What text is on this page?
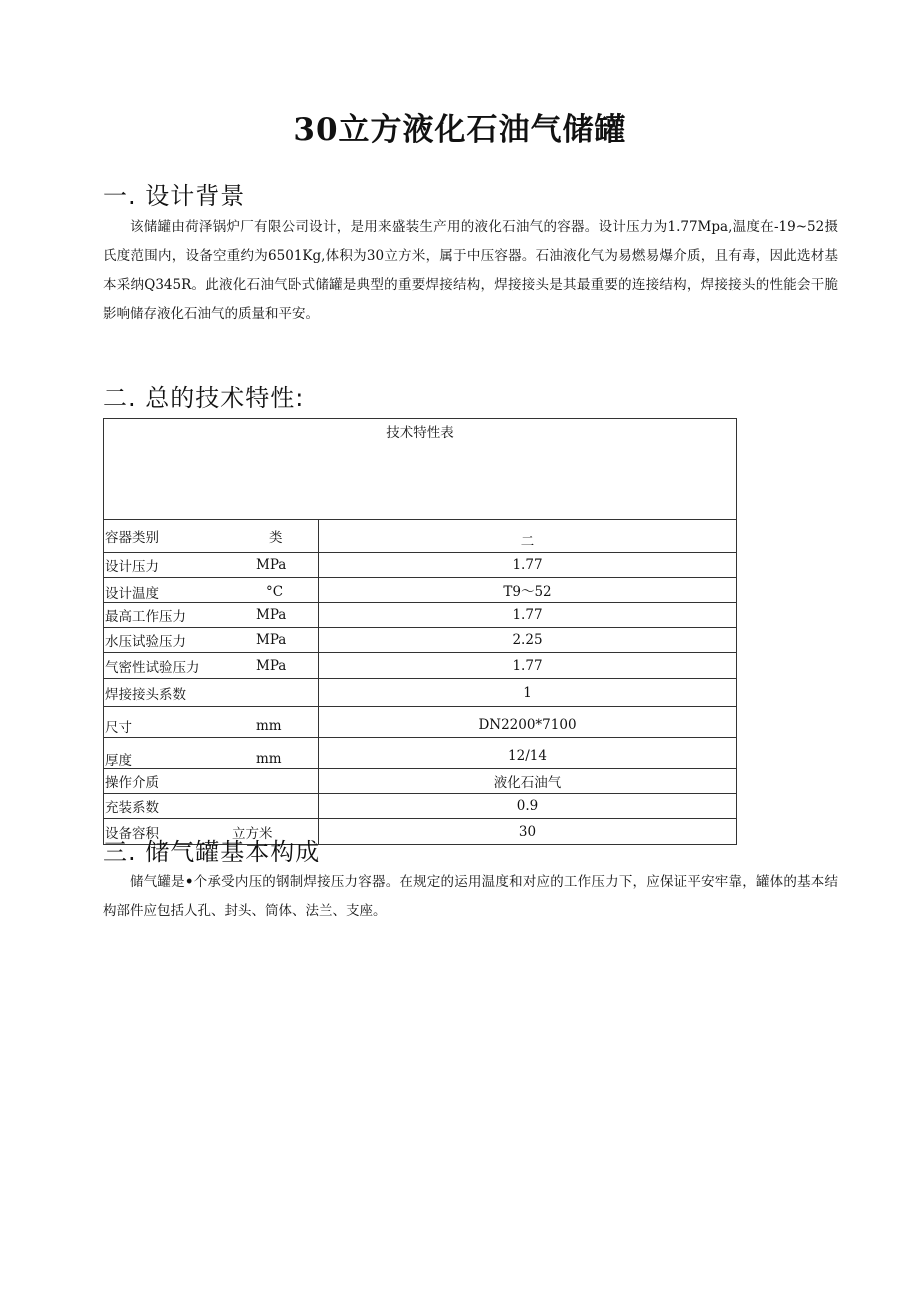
30立方液化石油气储罐
一. 设计背景

该储罐由荷泽锅炉厂有限公司设计，是用来盛装生产用的液化石油气的容器。设计压力为1.77Mpa,温度在-19~52摄氏度范围内，设备空重约为6501Kg,体积为30立方米，属于中压容器。石油液化气为易燃易爆介质，且有毒，因此选材基本采纳Q345R。此液化石油气卧式储罐是典型的重要焊接结构，焊接接头是其最重要的连接结构，焊接接头的性能会干脆影响储存液化石油气的质量和平安。

二. 总的技术特性:
技术特性表	

容器类别 类	二

设计压力 MPa	1.77

设计温度 °C	T9～52

最高工作压力 MPa	1.77

水压试验压力 MPa	2.25

气密性试验压力 MPa	1.77

焊接接头系数	1

尺寸 mm	DN2200*7100

厚度 mm	12/14

操作介质	液化石油气

充装系数	0.9

设备容积 立方米	30
三. 储气罐基本构成

储气罐是•个承受内压的钢制焊接压力容器。在规定的运用温度和对应的工作压力下，应保证平安牢靠，罐体的基本结构部件应包括人孔、封头、筒体、法兰、支座。
